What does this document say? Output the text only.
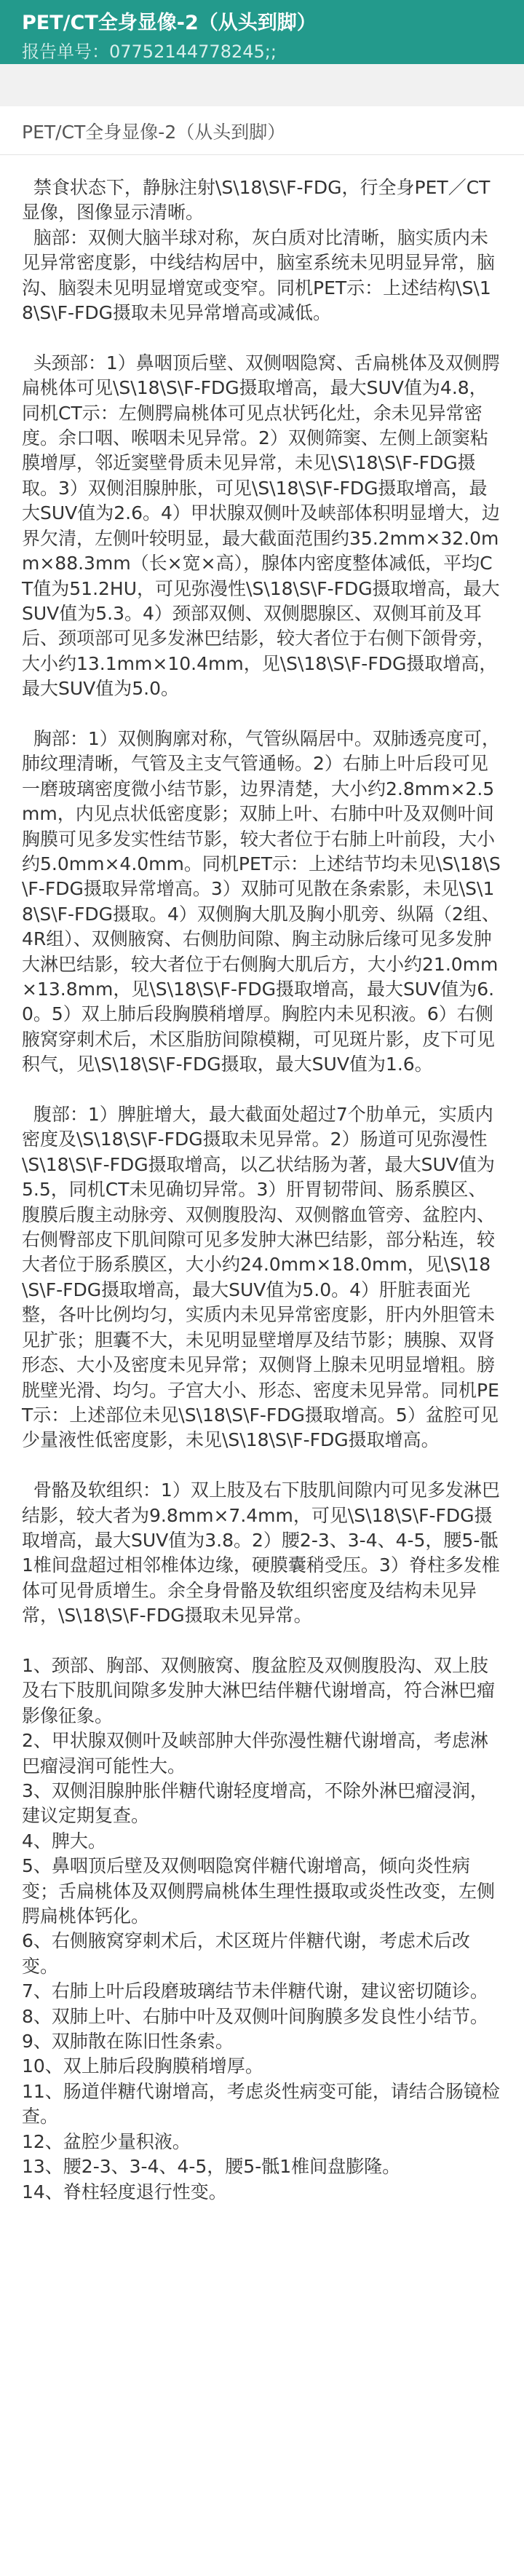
PET/CT全身显像-2（从头到脚）
报告单号：07752144778245;;
PET/CT全身显像-2（从头到脚）
禁食状态下，静脉注射\S\18\S\F-FDG，行全身PET／CT显像，图像显示清晰。
脑部：双侧大脑半球对称，灰白质对比清晰，脑实质内未见异常密度影，中线结构居中，脑室系统未见明显异常，脑沟、脑裂未见明显增宽或变窄。同机PET示：上述结构\S\18\S\F-FDG摄取未见异常增高或减低。

头颈部：1）鼻咽顶后壁、双侧咽隐窝、舌扁桃体及双侧腭扁桃体可见\S\18\S\F-FDG摄取增高，最大SUV值为4.8，同机CT示：左侧腭扁桃体可见点状钙化灶，余未见异常密度。余口咽、喉咽未见异常。2）双侧筛窦、左侧上颌窦粘膜增厚，邻近窦壁骨质未见异常，未见\S\18\S\F-FDG摄取。3）双侧泪腺肿胀，可见\S\18\S\F-FDG摄取增高，最大SUV值为2.6。4）甲状腺双侧叶及峡部体积明显增大，边界欠清，左侧叶较明显，最大截面范围约35.2mm×32.0mm×88.3mm（长×宽×高），腺体内密度整体减低，平均CT值为51.2HU，可见弥漫性\S\18\S\F-FDG摄取增高，最大SUV值为5.3。4）颈部双侧、双侧腮腺区、双侧耳前及耳后、颈项部可见多发淋巴结影，较大者位于右侧下颌骨旁，大小约13.1mm×10.4mm，见\S\18\S\F-FDG摄取增高，最大SUV值为5.0。

胸部：1）双侧胸廓对称，气管纵隔居中。双肺透亮度可，肺纹理清晰，气管及主支气管通畅。2）右肺上叶后段可见一磨玻璃密度微小结节影，边界清楚，大小约2.8mm×2.5mm，内见点状低密度影；双肺上叶、右肺中叶及双侧叶间胸膜可见多发实性结节影，较大者位于右肺上叶前段，大小约5.0mm×4.0mm。同机PET示：上述结节均未见\S\18\S\F-FDG摄取异常增高。3）双肺可见散在条索影，未见\S\18\S\F-FDG摄取。4）双侧胸大肌及胸小肌旁、纵隔（2组、4R组）、双侧腋窝、右侧肋间隙、胸主动脉后缘可见多发肿大淋巴结影，较大者位于右侧胸大肌后方，大小约21.0mm×13.8mm，见\S\18\S\F-FDG摄取增高，最大SUV值为6.0。5）双上肺后段胸膜稍增厚。胸腔内未见积液。6）右侧腋窝穿刺术后，术区脂肪间隙模糊，可见斑片影，皮下可见积气，见\S\18\S\F-FDG摄取，最大SUV值为1.6。

腹部：1）脾脏增大，最大截面处超过7个肋单元，实质内密度及\S\18\S\F-FDG摄取未见异常。2）肠道可见弥漫性\S\18\S\F-FDG摄取增高，以乙状结肠为著，最大SUV值为5.5，同机CT未见确切异常。3）肝胃韧带间、肠系膜区、腹膜后腹主动脉旁、双侧腹股沟、双侧髂血管旁、盆腔内、右侧臀部皮下肌间隙可见多发肿大淋巴结影，部分粘连，较大者位于肠系膜区，大小约24.0mm×18.0mm，见\S\18\S\F-FDG摄取增高，最大SUV值为5.0。4）肝脏表面光整，各叶比例均匀，实质内未见异常密度影，肝内外胆管未见扩张；胆囊不大，未见明显壁增厚及结节影；胰腺、双肾形态、大小及密度未见异常；双侧肾上腺未见明显增粗。膀胱壁光滑、均匀。子宫大小、形态、密度未见异常。同机PET示：上述部位未见\S\18\S\F-FDG摄取增高。5）盆腔可见少量液性低密度影，未见\S\18\S\F-FDG摄取增高。

骨骼及软组织：1）双上肢及右下肢肌间隙内可见多发淋巴结影，较大者为9.8mm×7.4mm，可见\S\18\S\F-FDG摄取增高，最大SUV值为3.8。2）腰2-3、3-4、4-5，腰5-骶1椎间盘超过相邻椎体边缘，硬膜囊稍受压。3）脊柱多发椎体可见骨质增生。余全身骨骼及软组织密度及结构未见异常，\S\18\S\F-FDG摄取未见异常。

1、颈部、胸部、双侧腋窝、腹盆腔及双侧腹股沟、双上肢及右下肢肌间隙多发肿大淋巴结伴糖代谢增高，符合淋巴瘤影像征象。
2、甲状腺双侧叶及峡部肿大伴弥漫性糖代谢增高，考虑淋巴瘤浸润可能性大。
3、双侧泪腺肿胀伴糖代谢轻度增高，不除外淋巴瘤浸润，建议定期复查。
4、脾大。
5、鼻咽顶后壁及双侧咽隐窝伴糖代谢增高，倾向炎性病变；舌扁桃体及双侧腭扁桃体生理性摄取或炎性改变，左侧腭扁桃体钙化。
6、右侧腋窝穿刺术后，术区斑片伴糖代谢，考虑术后改变。
7、右肺上叶后段磨玻璃结节未伴糖代谢，建议密切随诊。
8、双肺上叶、右肺中叶及双侧叶间胸膜多发良性小结节。
9、双肺散在陈旧性条索。
10、双上肺后段胸膜稍增厚。
11、肠道伴糖代谢增高，考虑炎性病变可能，请结合肠镜检查。
12、盆腔少量积液。
13、腰2-3、3-4、4-5，腰5-骶1椎间盘膨隆。
14、脊柱轻度退行性变。
